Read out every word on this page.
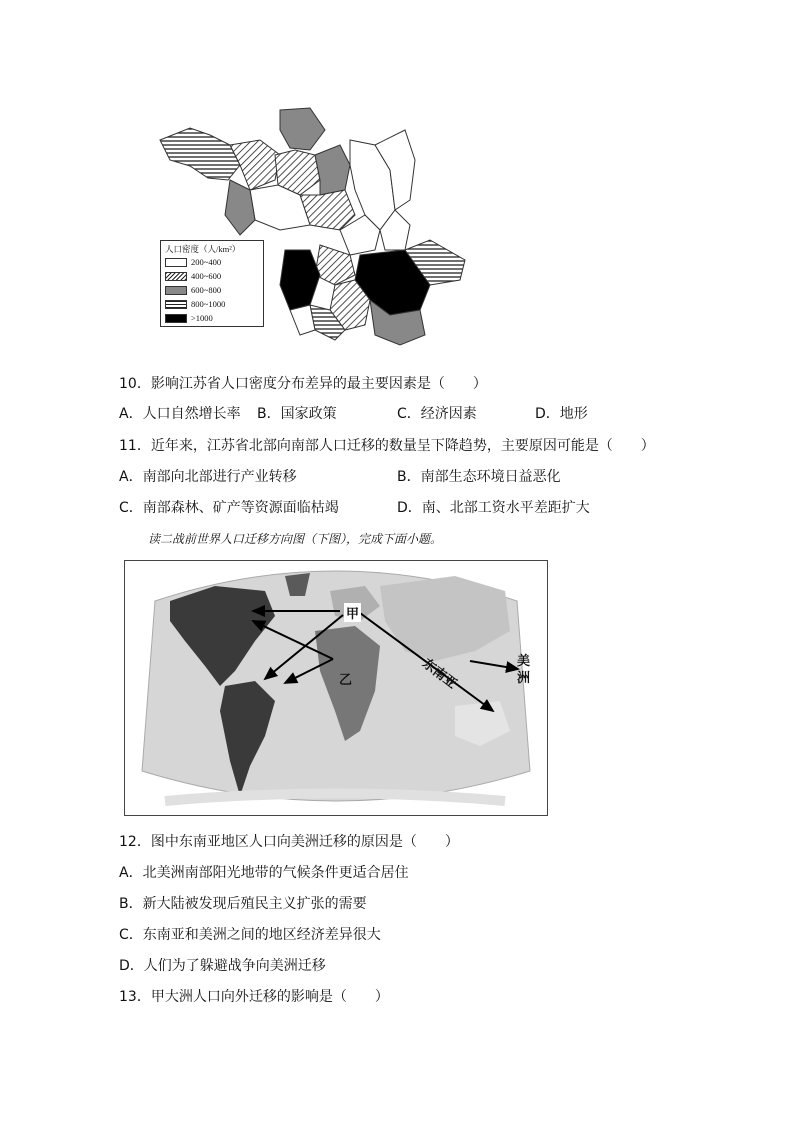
人口密度（人/km²）
200~400
400~600
600~800
800~1000
>1000
10．影响江苏省人口密度分布差异的最主要因素是（　　）
A．人口自然增长率 B．国家政策	C．经济因素	D．地形
11．近年来，江苏省北部向南部人口迁移的数量呈下降趋势，主要原因可能是（　　）
A．南部向北部进行产业转移	B．南部生态环境日益恶化
C．南部森林、矿产等资源面临枯竭	D．南、北部工资水平差距扩大
读二战前世界人口迁移方向图（下图），完成下面小题。
甲
乙	东南亚	美洲
12．图中东南亚地区人口向美洲迁移的原因是（　　）
A．北美洲南部阳光地带的气候条件更适合居住
B．新大陆被发现后殖民主义扩张的需要
C．东南亚和美洲之间的地区经济差异很大
D．人们为了躲避战争向美洲迁移
13．甲大洲人口向外迁移的影响是（　　）
